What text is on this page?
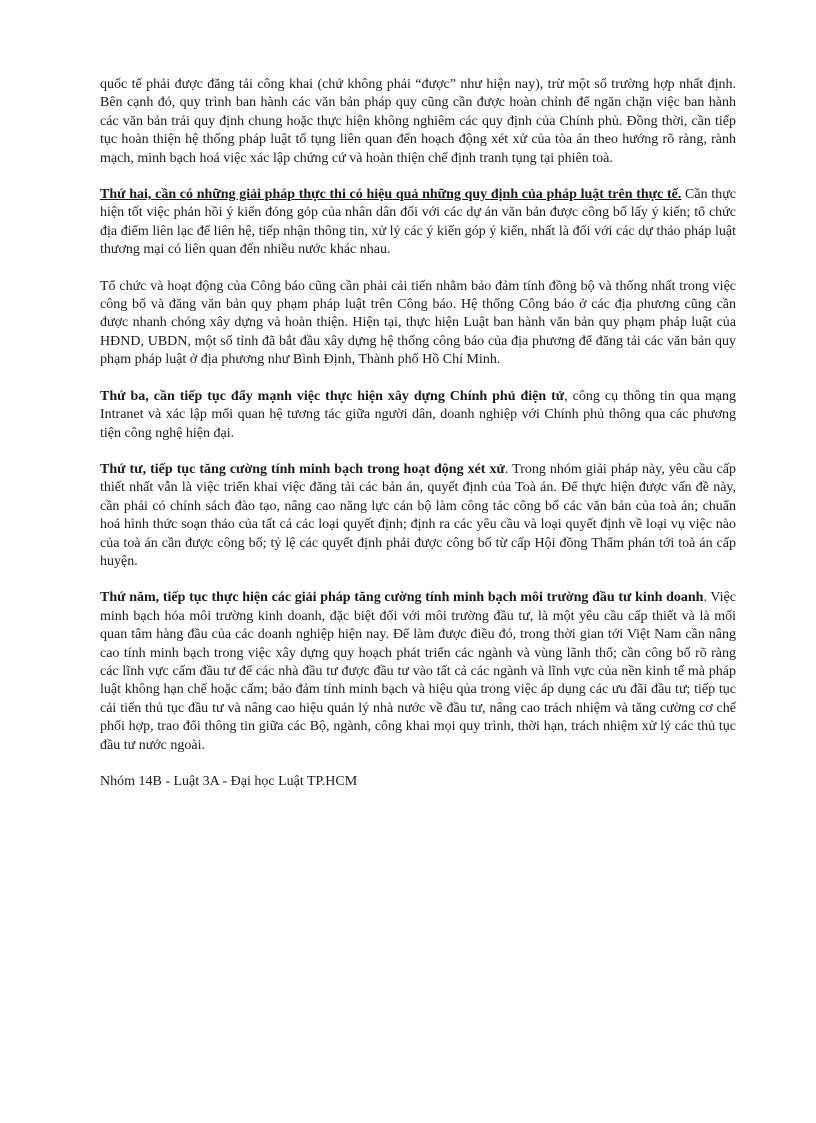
quốc tế phải được đăng tải công khai (chứ không phải “được” như hiện nay), trừ một số trường hợp nhất định. Bên cạnh đó, quy trình ban hành các văn bản pháp quy cũng cần được hoàn chỉnh để ngăn chặn việc ban hành các văn bản trái quy định chung hoặc thực hiện không nghiêm các quy định của Chính phủ. Đồng thời, cần tiếp tục hoàn thiện hệ thống pháp luật tố tụng liên quan đến hoạch động xét xử của tòa án theo hướng rõ ràng, rành mạch, minh bạch hoá việc xác lập chứng cứ và hoàn thiện chế định tranh tụng tại phiên toà.

Thứ hai, cần có những giải pháp thực thi có hiệu quả những quy định của pháp luật trên thực tế. Cần thực hiện tốt việc phản hồi ý kiến đóng góp của nhân dân đối với các dự án văn bản được công bố lấy ý kiến; tổ chức địa điểm liên lạc để liên hệ, tiếp nhận thông tin, xử lý các ý kiến góp ý kiến, nhất là đối với các dự thảo pháp luật thương mại có liên quan đến nhiều nước khác nhau.

Tổ chức và hoạt động của Công báo cũng cần phải cải tiến nhằm bảo đảm tính đồng bộ và thống nhất trong việc công bố và đăng văn bản quy phạm pháp luật trên Công báo. Hệ thống Công báo ở các địa phương cũng cần được nhanh chóng xây dựng và hoàn thiện. Hiện tại, thực hiện Luật ban hành văn bản quy phạm pháp luật của HĐND, UBDN, một số tỉnh đã bắt đầu xây dựng hệ thống công báo của địa phương để đăng tải các văn bản quy phạm pháp luật ở địa phương như Bình Định, Thành phố Hồ Chí Minh.

Thứ ba, cần tiếp tục đẩy mạnh việc thực hiện xây dựng Chính phủ điện tử, công cụ thông tin qua mạng Intranet và xác lập mối quan hệ tương tác giữa người dân, doanh nghiệp với Chính phủ thông qua các phương tiện công nghệ hiện đại.

Thứ tư, tiếp tục tăng cường tính minh bạch trong hoạt động xét xử. Trong nhóm giải pháp này, yêu cầu cấp thiết nhất vẫn là việc triển khai việc đăng tải các bản án, quyết định của Toà án. Để thực hiện được vấn đề này, cần phải có chính sách đào tạo, nâng cao năng lực cán bộ làm công tác công bố các văn bản của toà án; chuẩn hoá hình thức soạn thảo của tất cả các loại quyết định; định ra các yêu cầu và loại quyết định về loại vụ việc nào của toà án cần được công bố; tỷ lệ các quyết định phải được công bố từ cấp Hội đồng Thẩm phán tới toà án cấp huyện.

Thứ năm, tiếp tục thực hiện các giải pháp tăng cường tính minh bạch môi trường đầu tư kinh doanh. Việc minh bạch hóa môi trường kinh doanh, đặc biệt đối với môi trường đầu tư, là một yêu cầu cấp thiết và là mối quan tâm hàng đầu của các doanh nghiệp hiện nay. Để làm được điều đó, trong thời gian tới Việt Nam cần nâng cao tính minh bạch trong việc xây dựng quy hoạch phát triển các ngành và vùng lãnh thổ; cần công bố rõ ràng các lĩnh vực cấm đầu tư để các nhà đầu tư được đầu tư vào tất cả các ngành và lĩnh vực của nền kinh tế mà pháp luật không hạn chế hoặc cấm; bảo đảm tính minh bạch và hiệu qủa trong việc áp dụng các ưu đãi đầu tư; tiếp tục cải tiến thủ tục đầu tư và nâng cao hiệu quản lý nhà nước về đầu tư, nâng cao trách nhiệm và tăng cường cơ chế phối hợp, trao đổi thông tin giữa các Bộ, ngành, công khai mọi quy trình, thời hạn, trách nhiệm xử lý các thủ tục đầu tư nước ngoài.

Nhóm 14B - Luật 3A - Đại học Luật TP.HCM
